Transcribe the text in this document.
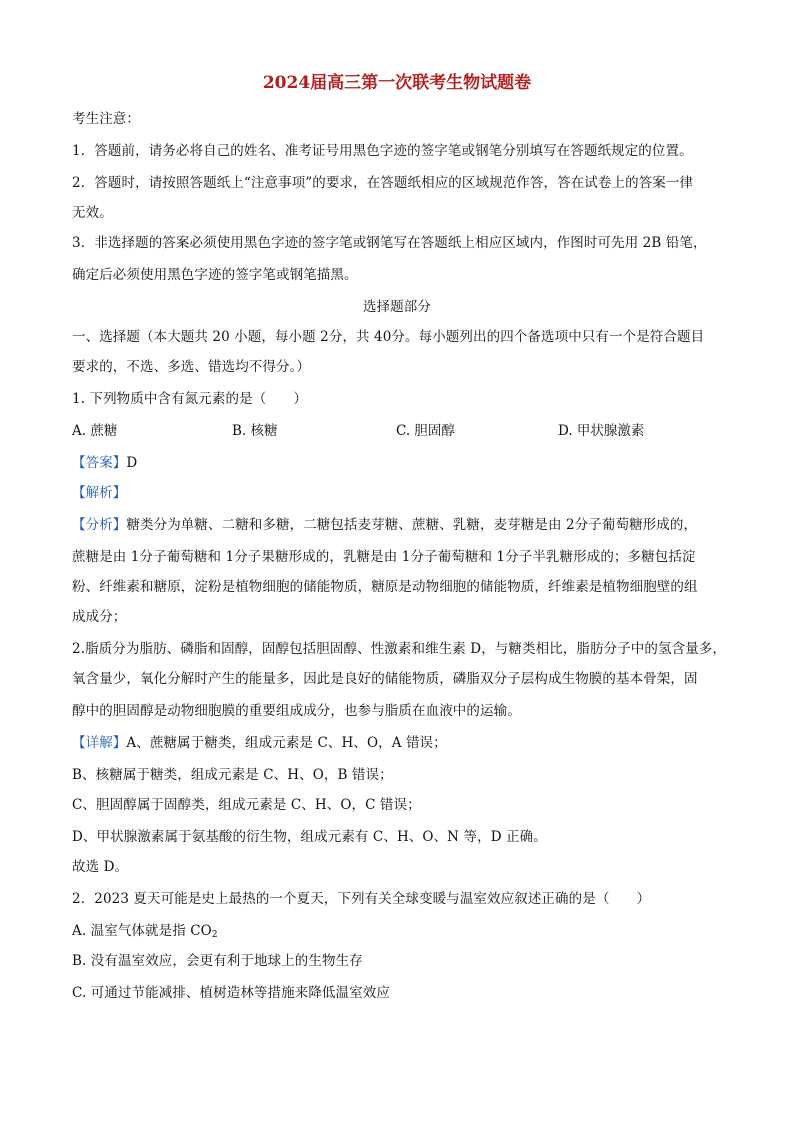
2024届高三第一次联考生物试题卷
考生注意：
1．答题前，请务必将自己的姓名、准考证号用黑色字迹的签字笔或钢笔分别填写在答题纸规定的位置。
2．答题时，请按照答题纸上“注意事项”的要求，在答题纸相应的区域规范作答，答在试卷上的答案一律
无效。
3．非选择题的答案必须使用黑色字迹的签字笔或钢笔写在答题纸上相应区域内，作图时可先用 2B 铅笔，
确定后必须使用黑色字迹的签字笔或钢笔描黑。
选择题部分
一、选择题（本大题共 20 小题，每小题 2分，共 40分。每小题列出的四个备选项中只有一个是符合题目
要求的，不选、多选、错选均不得分。）
1. 下列物质中含有氮元素的是（　　）
A. 蔗糖	B. 核糖	C. 胆固醇	D. 甲状腺激素
【答案】D
【解析】
【分析】糖类分为单糖、二糖和多糖，二糖包括麦芽糖、蔗糖、乳糖，麦芽糖是由 2分子葡萄糖形成的，
蔗糖是由 1分子葡萄糖和 1分子果糖形成的，乳糖是由 1分子葡萄糖和 1分子半乳糖形成的；多糖包括淀
粉、纤维素和糖原，淀粉是植物细胞的储能物质，糖原是动物细胞的储能物质，纤维素是植物细胞壁的组
成成分；
2.脂质分为脂肪、磷脂和固醇，固醇包括胆固醇、性激素和维生素 D，与糖类相比，脂肪分子中的氢含量多，
氧含量少，氧化分解时产生的能量多，因此是良好的储能物质，磷脂双分子层构成生物膜的基本骨架，固
醇中的胆固醇是动物细胞膜的重要组成成分，也参与脂质在血液中的运输。
【详解】A、蔗糖属于糖类，组成元素是 C、H、O，A 错误；
B、核糖属于糖类，组成元素是 C、H、O，B 错误；
C、胆固醇属于固醇类，组成元素是 C、H、O，C 错误；
D、甲状腺激素属于氨基酸的衍生物，组成元素有 C、H、O、N 等，D 正确。
故选 D。
2．2023 夏天可能是史上最热的一个夏天，下列有关全球变暖与温室效应叙述正确的是（　　）
A. 温室气体就是指 $CO_2$
B. 没有温室效应，会更有利于地球上的生物生存
C. 可通过节能减排、植树造林等措施来降低温室效应
